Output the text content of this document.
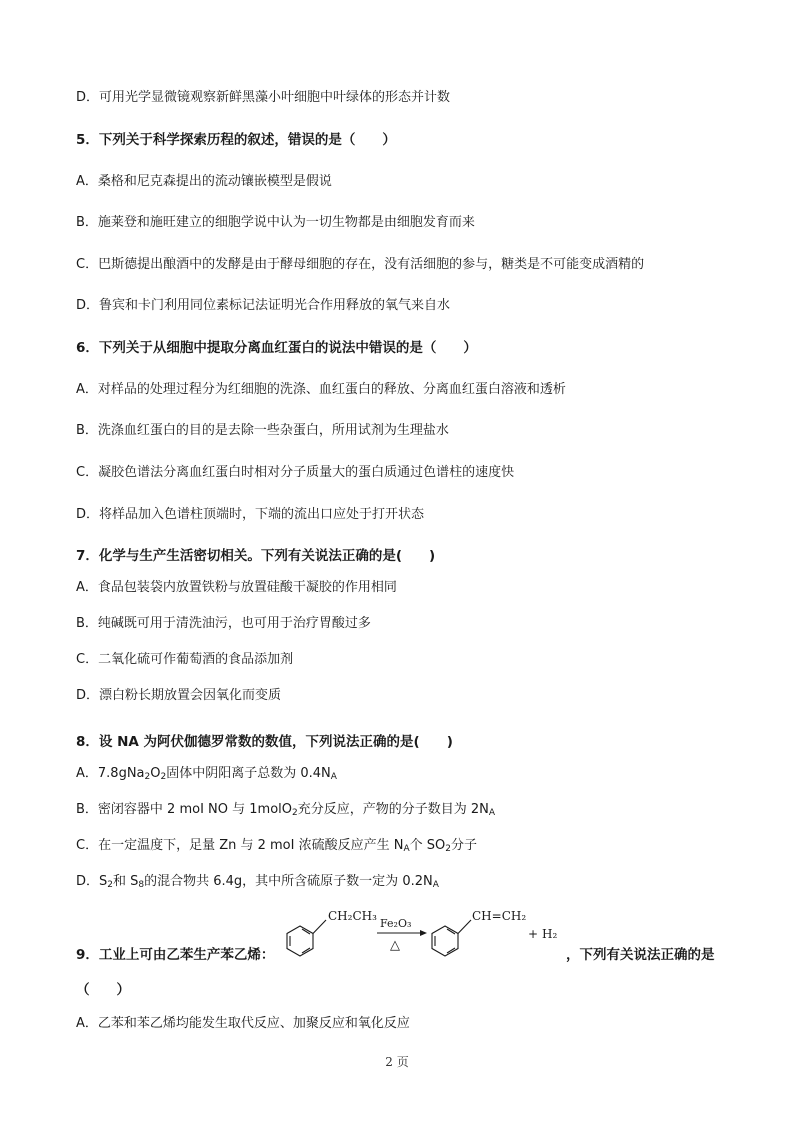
D．可用光学显微镜观察新鲜黑藻小叶细胞中叶绿体的形态并计数
5．下列关于科学探索历程的叙述，错误的是（　　）
A．桑格和尼克森提出的流动镶嵌模型是假说
B．施莱登和施旺建立的细胞学说中认为一切生物都是由细胞发育而来
C．巴斯德提出酿酒中的发酵是由于酵母细胞的存在，没有活细胞的参与，糖类是不可能变成酒精的
D．鲁宾和卡门利用同位素标记法证明光合作用释放的氧气来自水
6．下列关于从细胞中提取分离血红蛋白的说法中错误的是（　　）
A．对样品的处理过程分为红细胞的洗涤、血红蛋白的释放、分离血红蛋白溶液和透析
B．洗涤血红蛋白的目的是去除一些杂蛋白，所用试剂为生理盐水
C．凝胶色谱法分离血红蛋白时相对分子质量大的蛋白质通过色谱柱的速度快
D．将样品加入色谱柱顶端时，下端的流出口应处于打开状态
7．化学与生产生活密切相关。下列有关说法正确的是(　　)
A．食品包装袋内放置铁粉与放置硅酸干凝胶的作用相同
B．纯碱既可用于清洗油污，也可用于治疗胃酸过多
C．二氧化硫可作葡萄酒的食品添加剂
D．漂白粉长期放置会因氧化而变质
8．设 NA 为阿伏伽德罗常数的数值，下列说法正确的是(　　)
A．$7.8gNa_2O_2$固体中阴阳离子总数为 $0.4N_A$
B．密闭容器中 2 moI NO 与 1molO$_2$充分反应，产物的分子数目为 $2N_A$
C．在一定温度下，足量 Zn 与 2 moI 浓硫酸反应产生 $N_A$个 $SO_2$分子
D．$S_2$和 $S_8$的混合物共 6.4g，其中所含硫原子数一定为 $0.2N_A$
9．工业上可由乙苯生产苯乙烯：
CH₂CH₃
Fe₂O₃
△
CH=CH₂
+ H₂
，下列有关说法正确的是
（　　）
A．乙苯和苯乙烯均能发生取代反应、加聚反应和氧化反应
2 页
